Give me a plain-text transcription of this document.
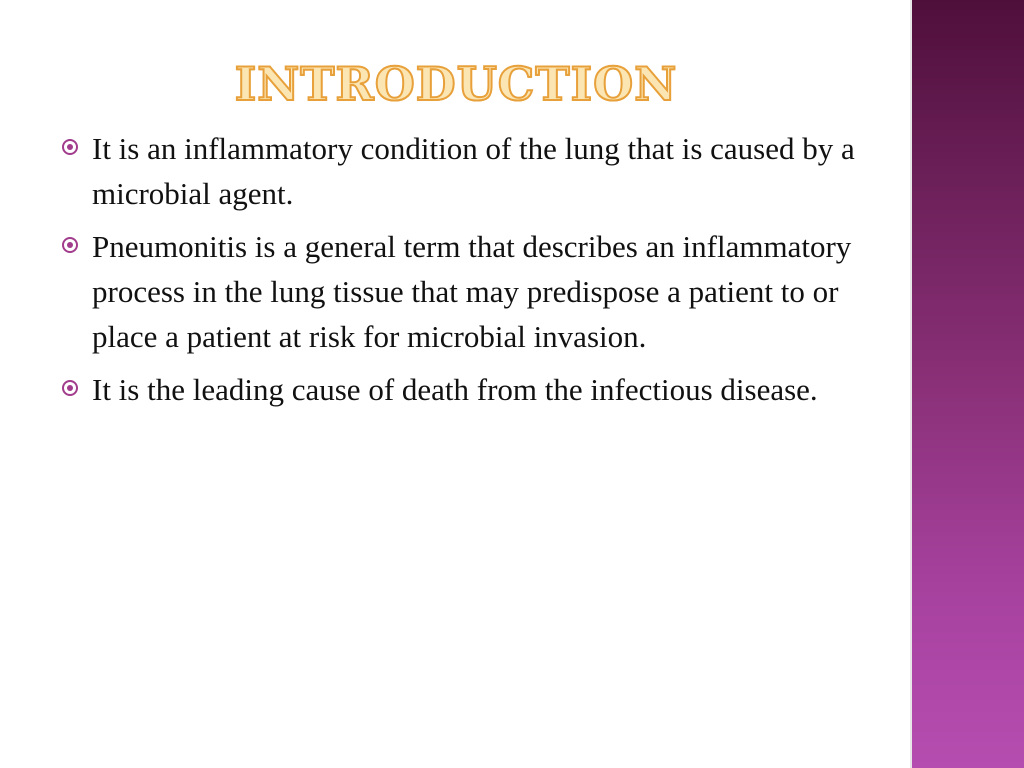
INTRODUCTION
It is an inflammatory condition of the lung that is caused by a microbial agent.
Pneumonitis is a general term that describes an inflammatory process in the lung tissue that may predispose a patient to or place a patient at risk for microbial invasion.
It is the leading cause of death from the infectious disease.
